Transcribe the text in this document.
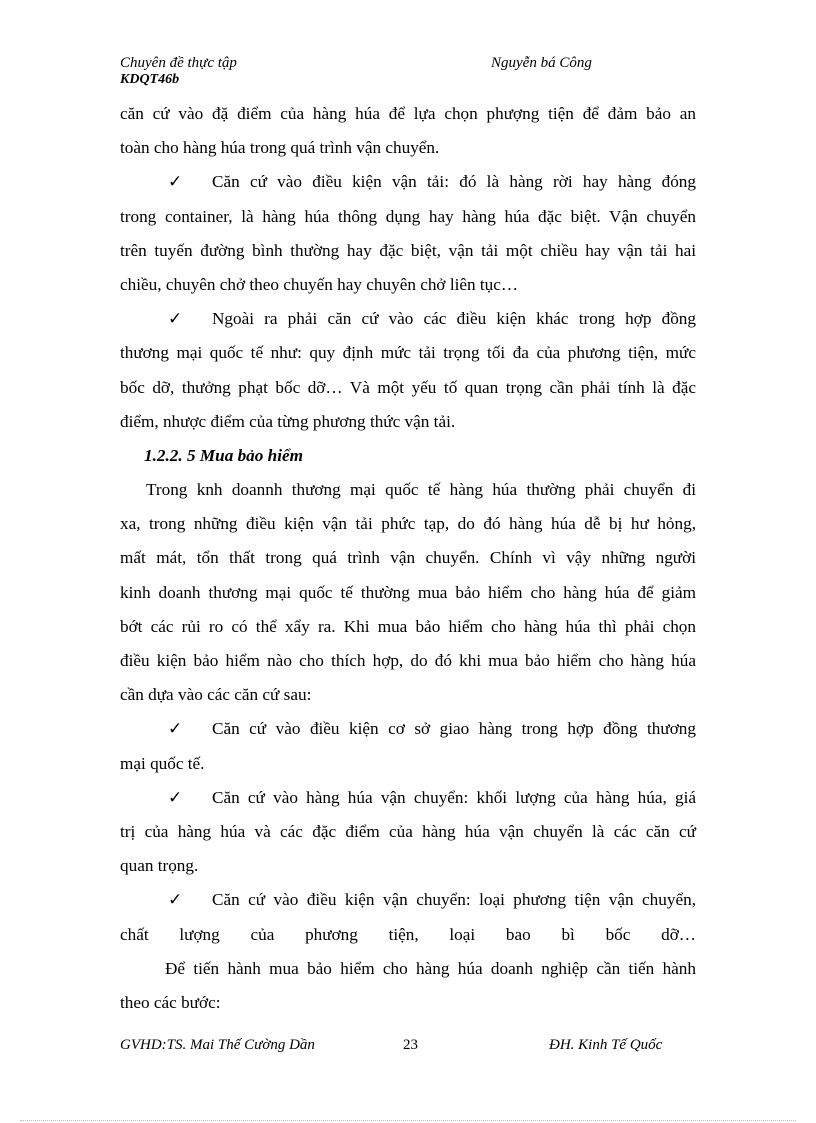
Chuyên đề thực tập	Nguyễn bá Công
KDQT46b
căn cứ vào đặ điểm của hàng húa để lựa chọn phượng tiện để đảm bảo an
toàn cho hàng húa trong quá trình vận chuyển.
✓ Căn cứ vào điều kiện vận tải: đó là hàng rời hay hàng đóng
trong container, là hàng húa thông dụng hay hàng húa đặc biệt. Vận chuyển
trên tuyến đường bình thường hay đặc biệt, vận tải một chiều hay vận tải hai
chiều, chuyên chở theo chuyến hay chuyên chở liên tục…
✓ Ngoài ra phải căn cứ vào các điều kiện khác trong hợp đồng
thương mại quốc tế như: quy định mức tải trọng tối đa của phương tiện, mức
bốc dỡ, thưởng phạt bốc dỡ… Và một yếu tố quan trọng cần phải tính là đặc
điểm, nhược điểm của từng phương thức vận tải.
1.2.2. 5 Mua bảo hiểm
Trong knh doannh thương mại quốc tế hàng húa thường phải chuyển đi
xa, trong những điều kiện vận tải phức tạp, do đó hàng húa dễ bị hư hỏng,
mất mát, tổn thất trong quá trình vận chuyển. Chính vì vậy những người
kinh doanh thương mại quốc tế thường mua bảo hiểm cho hàng húa để giảm
bớt các rủi ro có thể xẩy ra. Khi mua bảo hiểm cho hàng húa thì phải chọn
điều kiện bảo hiểm nào cho thích hợp, do đó khi mua bảo hiểm cho hàng húa
cần dựa vào các căn cứ sau:
✓ Căn cứ vào điều kiện cơ sở giao hàng trong hợp đồng thương
mại quốc tế.
✓ Căn cứ vào hàng húa vận chuyển: khối lượng của hàng húa, giá
trị của hàng húa và các đặc điểm của hàng húa vận chuyển là các căn cứ
quan trọng.
✓ Căn cứ vào điều kiện vận chuyển: loại phương tiện vận chuyển,
chất lượng của phương tiện, loại bao bì bốc dỡ…
Để tiến hành mua bảo hiểm cho hàng húa doanh nghiệp cần tiến hành
theo các bước:
GVHD:TS. Mai Thế Cường Dần	23	ĐH. Kinh Tế Quốc
